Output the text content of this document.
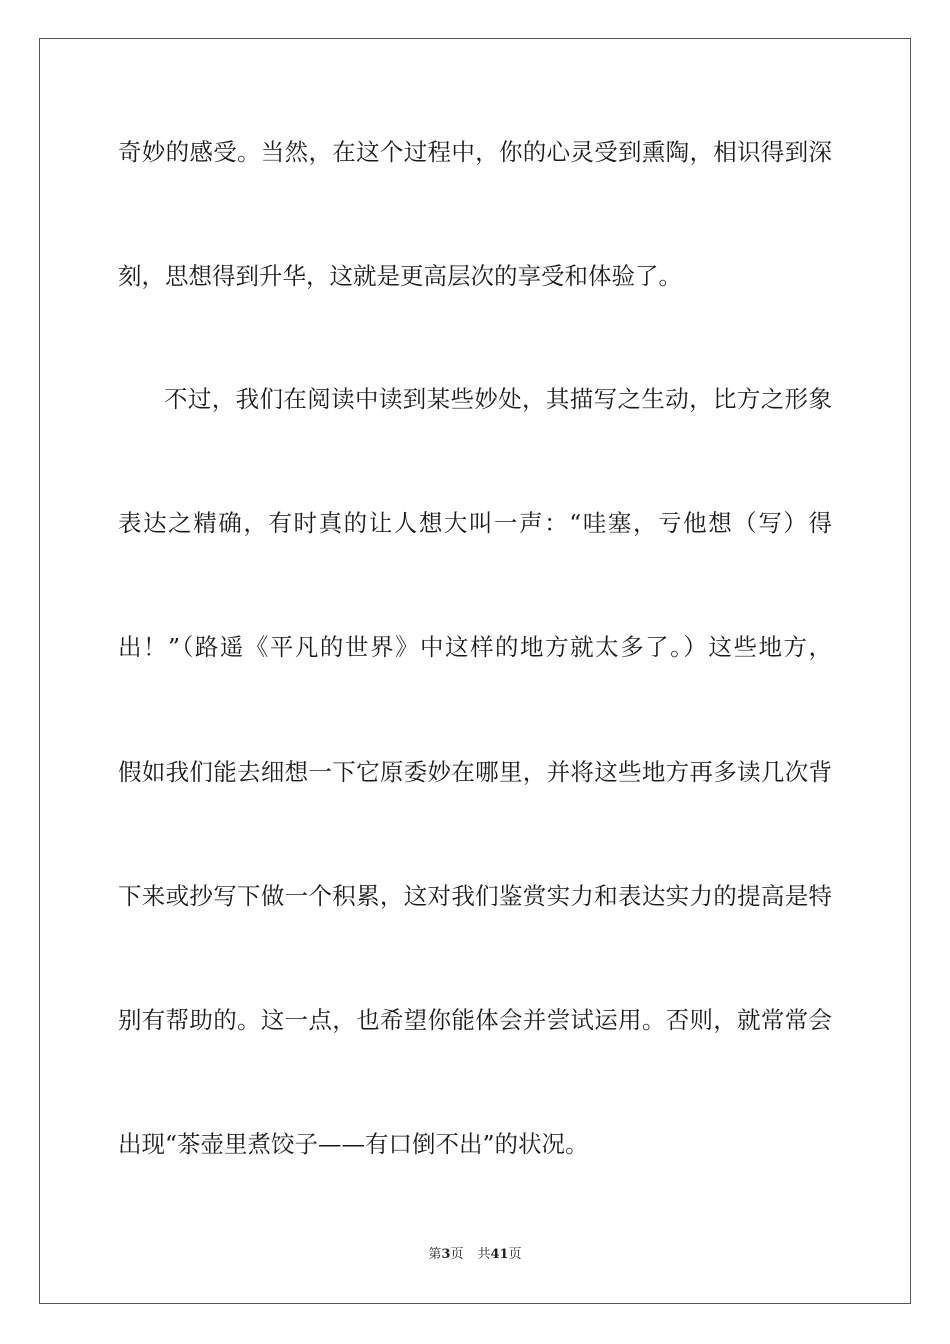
奇妙的感受。当然，在这个过程中，你的心灵受到熏陶，相识得到深
刻，思想得到升华，这就是更高层次的享受和体验了。
不过，我们在阅读中读到某些妙处，其描写之生动，比方之形象
表达之精确，有时真的让人想大叫一声：“哇塞，亏他想（写）得
出！”（路遥《平凡的世界》中这样的地方就太多了。）这些地方，
假如我们能去细想一下它原委妙在哪里，并将这些地方再多读几次背
下来或抄写下做一个积累，这对我们鉴赏实力和表达实力的提高是特
别有帮助的。这一点，也希望你能体会并尝试运用。否则，就常常会
出现“茶壶里煮饺子——有口倒不出”的状况。
第3页 共41页
